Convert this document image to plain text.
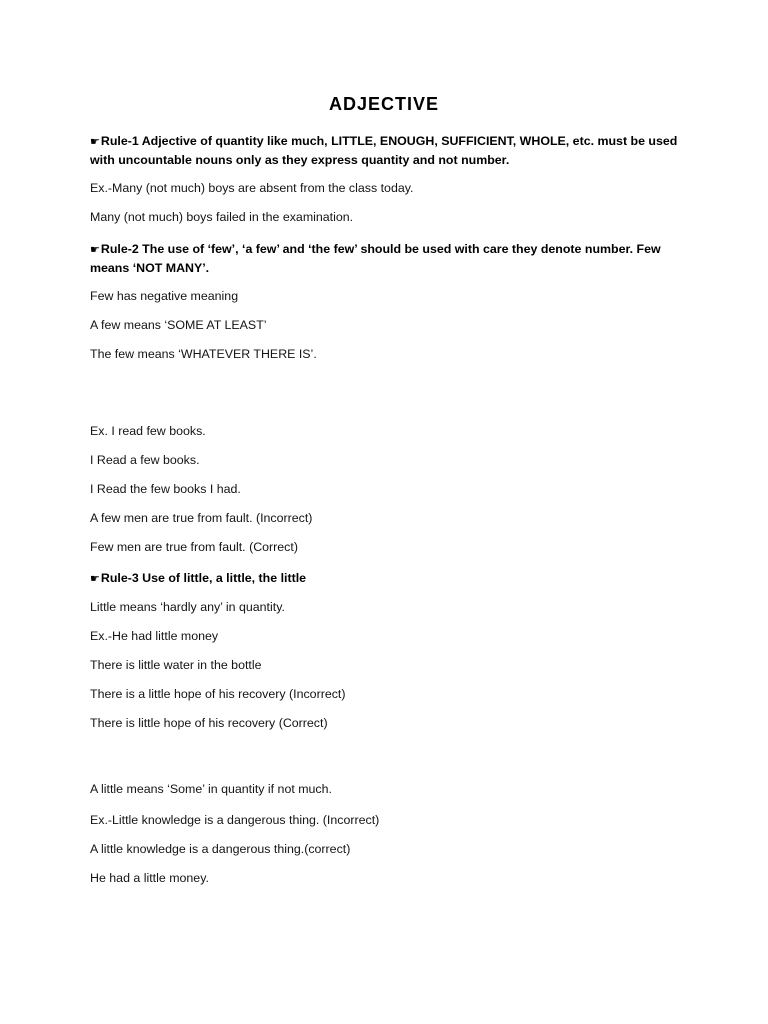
ADJECTIVE
☛Rule-1 Adjective of quantity like much, LITTLE, ENOUGH, SUFFICIENT, WHOLE, etc. must be used with uncountable nouns only as they express quantity and not number.
Ex.-Many (not much) boys are absent from the class today.
Many (not much) boys failed in the examination.
☛Rule-2 The use of ‘few’, ‘a few’ and ‘the few’ should be used with care they denote number. Few means ‘NOT MANY’.
Few has negative meaning
A few means ‘SOME AT LEAST’
The few means ‘WHATEVER THERE IS’.
Ex. I read few books.
I Read a few books.
I Read the few books I had.
A few men are true from fault. (Incorrect)
Few men are true from fault. (Correct)
☛Rule-3 Use of little, a little, the little
Little means ‘hardly any’ in quantity.
Ex.-He had little money
There is little water in the bottle
There is a little hope of his recovery (Incorrect)
There is little hope of his recovery (Correct)
A little means ‘Some’ in quantity if not much.
Ex.-Little knowledge is a dangerous thing. (Incorrect)
A little knowledge is a dangerous thing.(correct)
He had a little money.
